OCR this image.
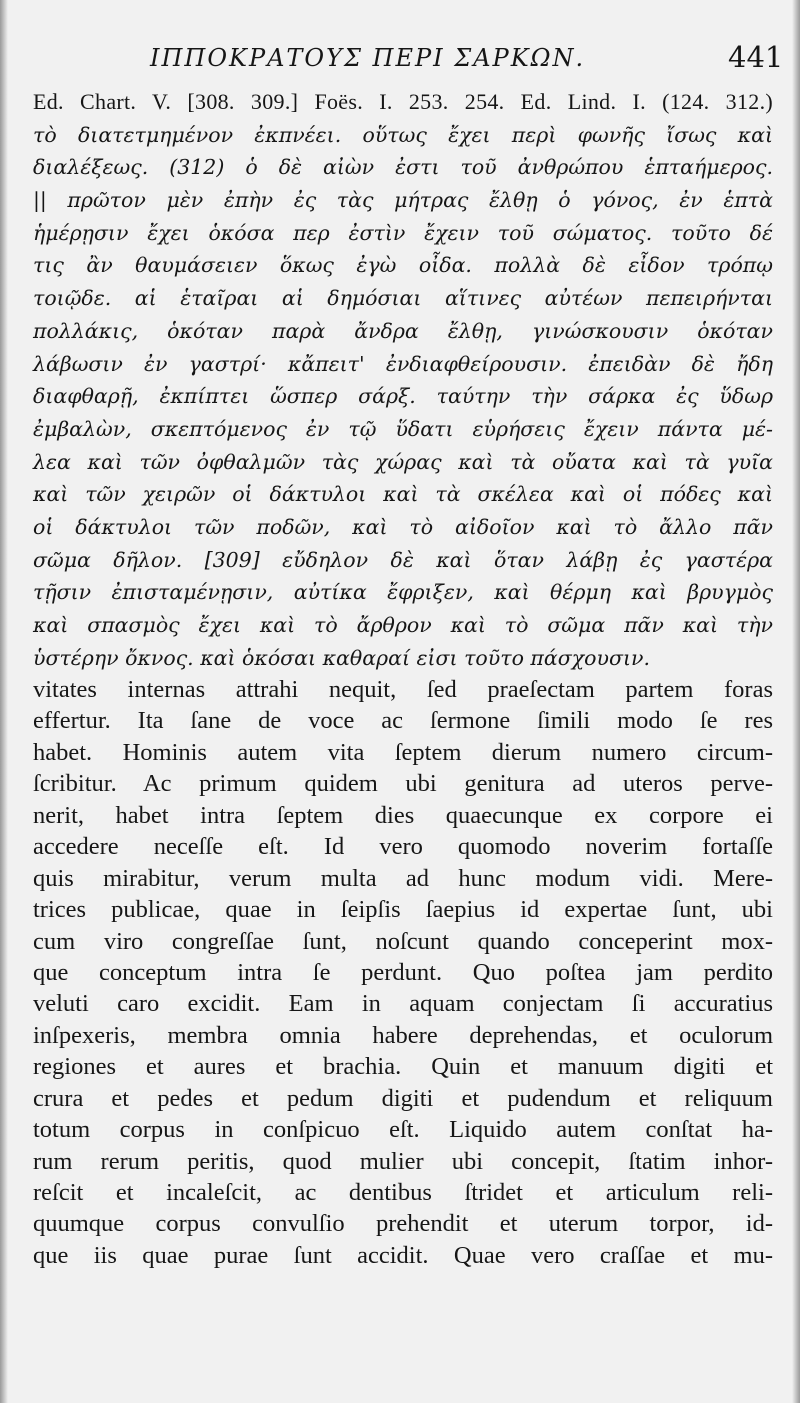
ΙΠΠΟΚΡΑΤΟΥΣ ΠΕΡΙ ΣΑΡΚΩΝ.	441
Ed. Chart. V. [308. 309.] Foës. I. 253. 254. Ed. Lind. I. (124. 312.)
τὸ διατετμημένον ἐκπνέει. οὕτως ἔχει περὶ φωνῆς ἴσως καὶ
διαλέξεως. (312) ὁ δὲ αἰὼν ἐστι τοῦ ἀνθρώπου ἑπταήμερος.
|| πρῶτον μὲν ἐπὴν ἐς τὰς μήτρας ἔλθῃ ὁ γόνος, ἐν ἑπτὰ
ἡμέρῃσιν ἔχει ὁκόσα περ ἐστὶν ἔχειν τοῦ σώματος. τοῦτο δέ
τις ἂν θαυμάσειεν ὅκως ἐγὼ οἶδα. πολλὰ δὲ εἶδον τρόπῳ
τοιῷδε. αἱ ἑταῖραι αἱ δημόσιαι αἵτινες αὐτέων πεπειρήνται
πολλάκις, ὁκόταν παρὰ ἄνδρα ἔλθῃ, γινώσκουσιν ὁκόταν
λάβωσιν ἐν γαστρί· κἄπειτ' ἐνδιαφθείρουσιν. ἐπειδὰν δὲ ἤδη
διαφθαρῇ, ἐκπίπτει ὥσπερ σάρξ. ταύτην τὴν σάρκα ἐς ὕδωρ
ἐμβαλὼν, σκεπτόμενος ἐν τῷ ὕδατι εὑρήσεις ἔχειν πάντα μέ-
λεα καὶ τῶν ὀφθαλμῶν τὰς χώρας καὶ τὰ οὔατα καὶ τὰ γυῖα
καὶ τῶν χειρῶν οἱ δάκτυλοι καὶ τὰ σκέλεα καὶ οἱ πόδες καὶ
οἱ δάκτυλοι τῶν ποδῶν, καὶ τὸ αἰδοῖον καὶ τὸ ἄλλο πᾶν
σῶμα δῆλον. [309] εὔδηλον δὲ καὶ ὅταν λάβῃ ἐς γαστέρα
τῇσιν ἐπισταμένῃσιν, αὐτίκα ἔφριξεν, καὶ θέρμη καὶ βρυγμὸς
καὶ σπασμὸς ἔχει καὶ τὸ ἄρθρον καὶ τὸ σῶμα πᾶν καὶ τὴν
ὑστέρην ὄκνος. καὶ ὁκόσαι καθαραί εἰσι τοῦτο πάσχουσιν.
vitates internas attrahi nequit, ſed praeſectam partem foras
effertur. Ita ſane de voce ac ſermone ſimili modo ſe res
habet. Hominis autem vita ſeptem dierum numero circum-
ſcribitur. Ac primum quidem ubi genitura ad uteros perve-
nerit, habet intra ſeptem dies quaecunque ex corpore ei
accedere neceſſe eſt. Id vero quomodo noverim fortaſſe
quis mirabitur, verum multa ad hunc modum vidi. Mere-
trices publicae, quae in ſeipſis ſaepius id expertae ſunt, ubi
cum viro congreſſae ſunt, noſcunt quando conceperint mox-
que conceptum intra ſe perdunt. Quo poſtea jam perdito
veluti caro excidit. Eam in aquam conjectam ſi accuratius
inſpexeris, membra omnia habere deprehendas, et oculorum
regiones et aures et brachia. Quin et manuum digiti et
crura et pedes et pedum digiti et pudendum et reliquum
totum corpus in conſpicuo eſt. Liquido autem conſtat ha-
rum rerum peritis, quod mulier ubi concepit, ſtatim inhor-
reſcit et incaleſcit, ac dentibus ſtridet et articulum reli-
quumque corpus convulſio prehendit et uterum torpor, id-
que iis quae purae ſunt accidit. Quae vero craſſae et mu-
